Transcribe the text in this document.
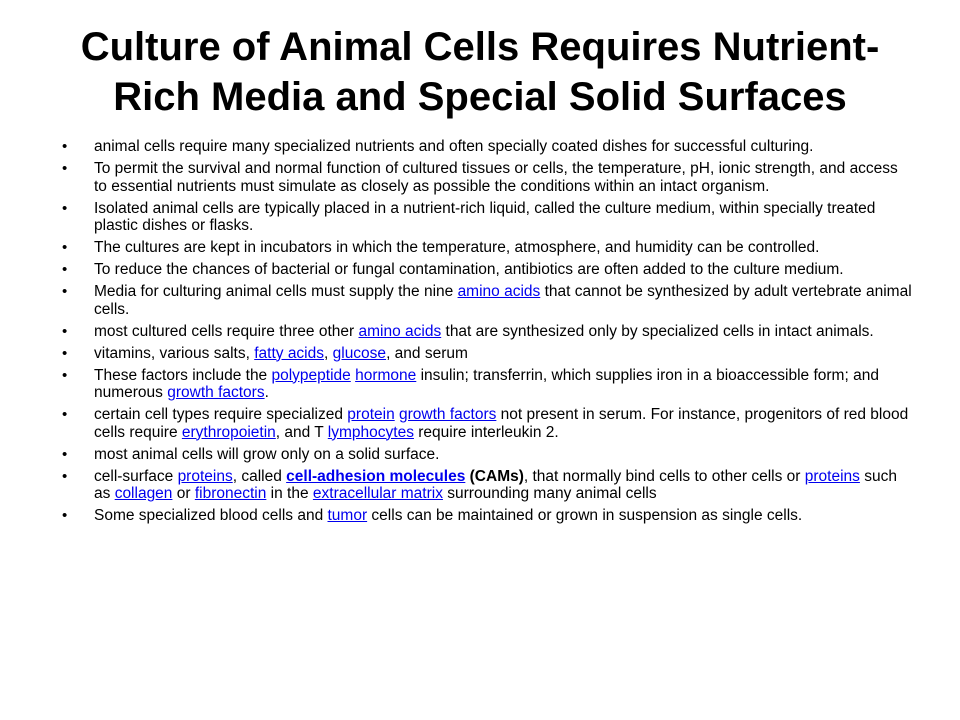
Culture of Animal Cells Requires Nutrient-Rich Media and Special Solid Surfaces
• animal cells require many specialized nutrients and often specially coated dishes for successful culturing.
• To permit the survival and normal function of cultured tissues or cells, the temperature, pH, ionic strength, and access to essential nutrients must simulate as closely as possible the conditions within an intact organism.
• Isolated animal cells are typically placed in a nutrient-rich liquid, called the culture medium, within specially treated plastic dishes or flasks.
• The cultures are kept in incubators in which the temperature, atmosphere, and humidity can be controlled.
• To reduce the chances of bacterial or fungal contamination, antibiotics are often added to the culture medium.
• Media for culturing animal cells must supply the nine amino acids that cannot be synthesized by adult vertebrate animal cells.
• most cultured cells require three other amino acids that are synthesized only by specialized cells in intact animals.
• vitamins, various salts, fatty acids, glucose, and serum
• These factors include the polypeptide hormone insulin; transferrin, which supplies iron in a bioaccessible form; and numerous growth factors.
• certain cell types require specialized protein growth factors not present in serum. For instance, progenitors of red blood cells require erythropoietin, and T lymphocytes require interleukin 2.
• most animal cells will grow only on a solid surface.
• cell-surface proteins, called cell-adhesion molecules (CAMs), that normally bind cells to other cells or proteins such as collagen or fibronectin in the extracellular matrix surrounding many animal cells
• Some specialized blood cells and tumor cells can be maintained or grown in suspension as single cells.
